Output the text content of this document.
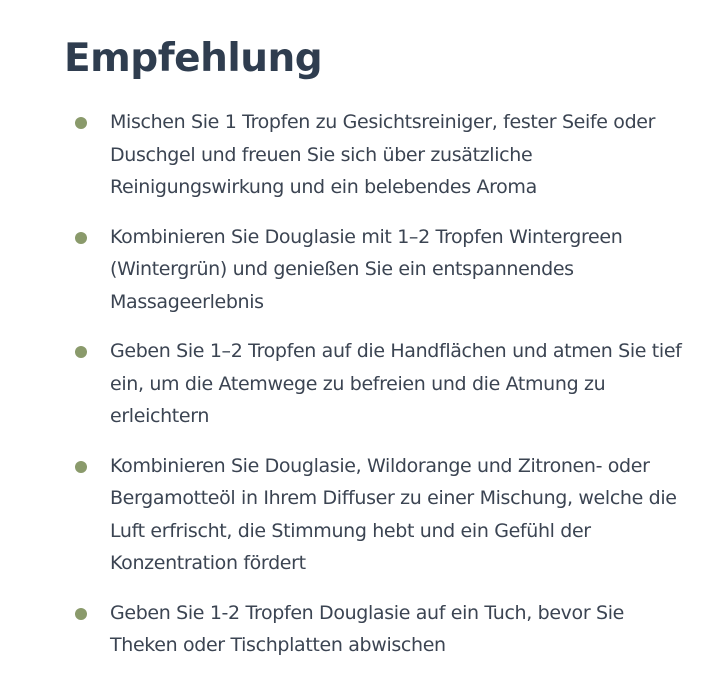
Empfehlung
Mischen Sie 1 Tropfen zu Gesichtsreiniger, fester Seife oder Duschgel und freuen Sie sich über zusätzliche Reinigungswirkung und ein belebendes Aroma
Kombinieren Sie Douglasie mit 1–2 Tropfen Wintergreen (Wintergrün) und genießen Sie ein entspannendes Massageerlebnis
Geben Sie 1–2 Tropfen auf die Handflächen und atmen Sie tief ein, um die Atemwege zu befreien und die Atmung zu erleichtern
Kombinieren Sie Douglasie, Wildorange und Zitronen- oder Bergamotteöl in Ihrem Diffuser zu einer Mischung, welche die Luft erfrischt, die Stimmung hebt und ein Gefühl der Konzentration fördert
Geben Sie 1-2 Tropfen Douglasie auf ein Tuch, bevor Sie Theken oder Tischplatten abwischen
